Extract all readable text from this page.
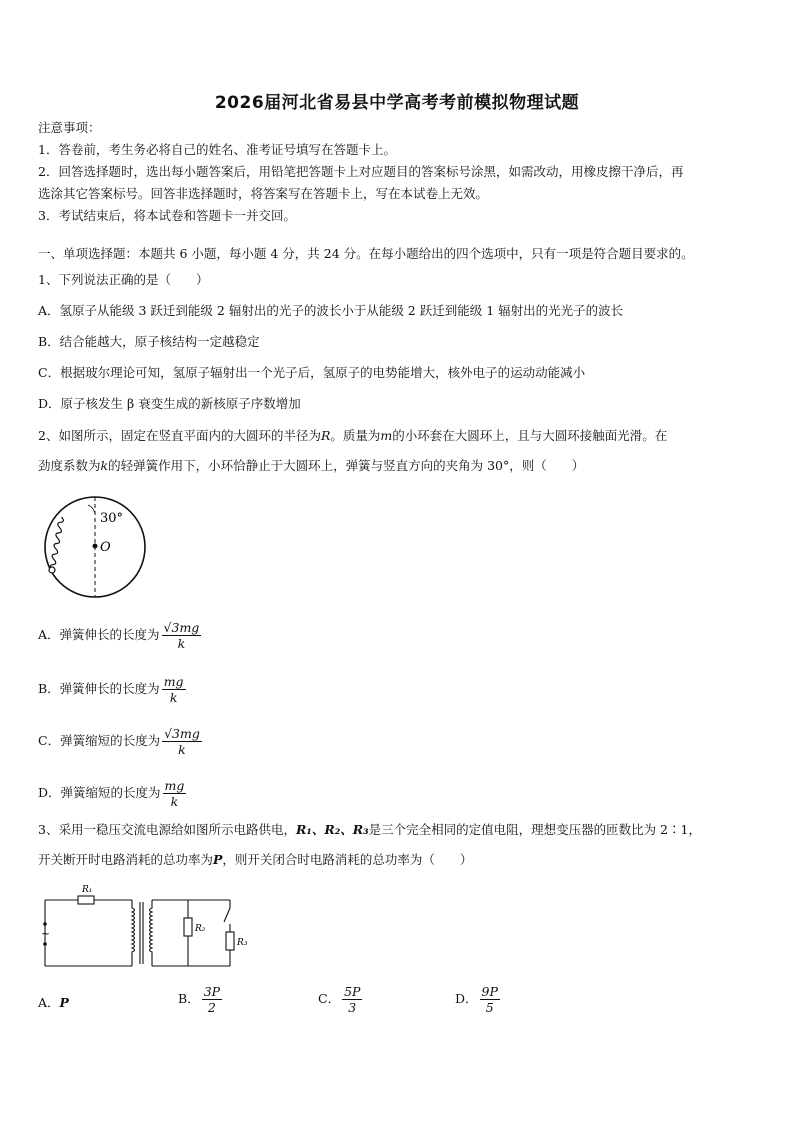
2026届河北省易县中学高考考前模拟物理试题
注意事项：
1．答卷前，考生务必将自己的姓名、准考证号填写在答题卡上。
2．回答选择题时，选出每小题答案后，用铅笔把答题卡上对应题目的答案标号涂黑，如需改动，用橡皮擦干净后，再
选涂其它答案标号。回答非选择题时，将答案写在答题卡上，写在本试卷上无效。
3．考试结束后，将本试卷和答题卡一并交回。
一、单项选择题：本题共 6 小题，每小题 4 分，共 24 分。在每小题给出的四个选项中，只有一项是符合题目要求的。
1、下列说法正确的是（　　）
A．氢原子从能级 3 跃迁到能级 2 辐射出的光子的波长小于从能级 2 跃迁到能级 1 辐射出的光光子的波长
B．结合能越大，原子核结构一定越稳定
C．根据玻尔理论可知，氢原子辐射出一个光子后，氢原子的电势能增大，核外电子的运动动能减小
D．原子核发生 β 衰变生成的新核原子序数增加
2、如图所示，固定在竖直平面内的大圆环的半径为R。质量为m的小环套在大圆环上，且与大圆环接触面光滑。在
劲度系数为k的轻弹簧作用下，小环恰静止于大圆环上，弹簧与竖直方向的夹角为 30°，则（　　）
30°
O
A．弹簧伸长的长度为 $\frac{√3mg}{k}$
B．弹簧伸长的长度为 $\frac{mg}{k}$
C．弹簧缩短的长度为 $\frac{√3mg}{k}$
D．弹簧缩短的长度为 $\frac{mg}{k}$
3、采用一稳压交流电源给如图所示电路供电，R₁、R₂、R₃是三个完全相同的定值电阻，理想变压器的匝数比为 2∶1，
开关断开时电路消耗的总功率为P，则开关闭合时电路消耗的总功率为（　　）
~
R₁
R₂
R₃
A．P	B． $\frac{3P}{2}$	C． $\frac{5P}{3}$	D． $\frac{9P}{5}$
